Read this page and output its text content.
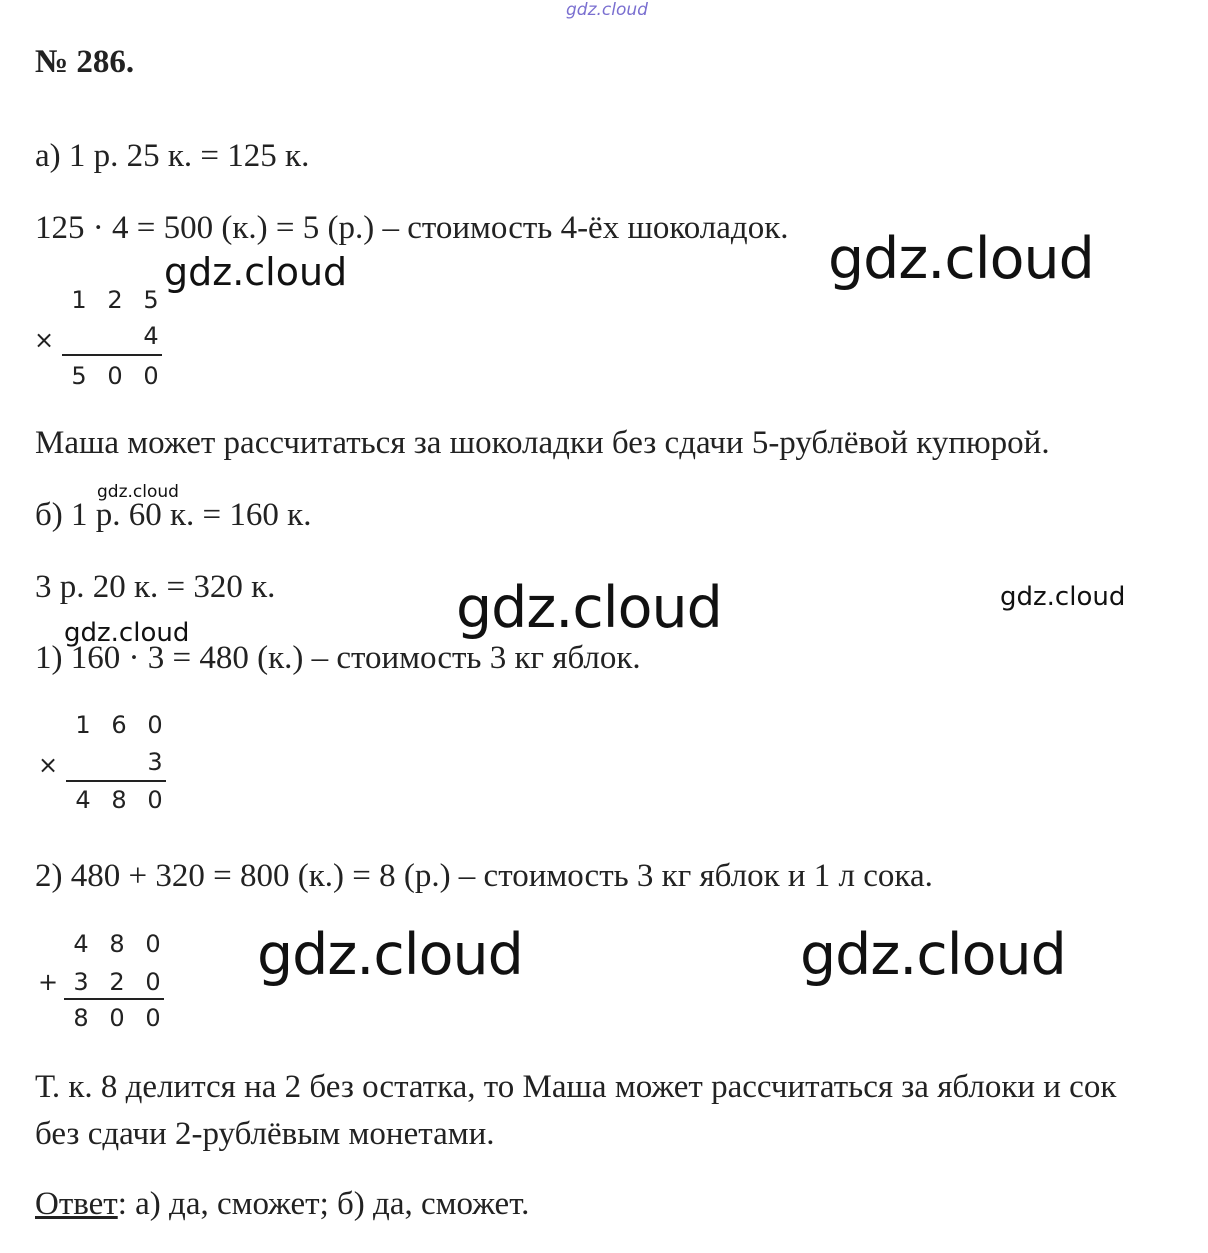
gdz.cloud
№ 286.
а) 1 р. 25 к. = 125 к.
125 · 4 = 500 (к.) = 5 (р.) – стоимость 4-ёх шоколадок.
1 2 5
×	4
5 0 0
Маша может рассчитаться за шоколадки без сдачи 5-рублёвой купюрой.
б) 1 р. 60 к. = 160 к.
3 р. 20 к. = 320 к.
1) 160 · 3 = 480 (к.) – стоимость 3 кг яблок.
1 6 0
×	3
4 8 0
2) 480 + 320 = 800 (к.) = 8 (р.) – стоимость 3 кг яблок и 1 л сока.
4 8 0
+ 3 2 0
8 0 0
Т. к. 8 делится на 2 без остатка, то Маша может рассчитаться за яблоки и сок
без сдачи 2-рублёвым монетами.
Ответ: а) да, сможет; б) да, сможет.
gdz.cloud	gdz.cloud
gdz.cloud
gdz.cloud	gdz.cloud
gdz.cloud
gdz.cloud	gdz.cloud
